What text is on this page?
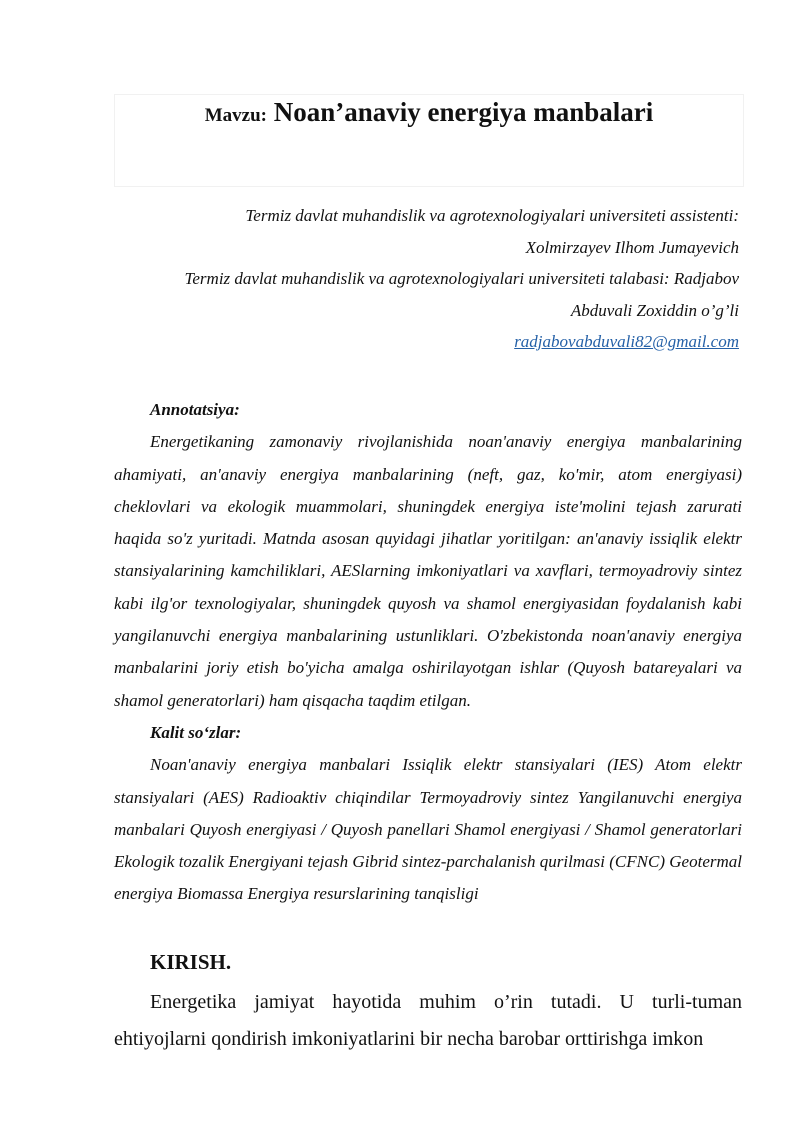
Mavzu: Noan’anaviy energiya manbalari

Termiz davlat muhandislik va agrotexnologiyalari universiteti assistenti:

Xolmirzayev Ilhom Jumayevich

Termiz davlat muhandislik va agrotexnologiyalari universiteti talabasi: Radjabov

Abduvali Zoxiddin o’g’li

radjabovabduvali82@gmail.com

Annotatsiya:

Energetikaning zamonaviy rivojlanishida noan'anaviy energiya manbalarining ahamiyati, an'anaviy energiya manbalarining (neft, gaz, ko'mir, atom energiyasi) cheklovlari va ekologik muammolari, shuningdek energiya iste'molini tejash zarurati haqida so'z yuritadi. Matnda asosan quyidagi jihatlar yoritilgan: an'anaviy issiqlik elektr stansiyalarining kamchiliklari, AESlarning imkoniyatlari va xavflari, termoyadroviy sintez kabi ilg'or texnologiyalar, shuningdek quyosh va shamol energiyasidan foydalanish kabi yangilanuvchi energiya manbalarining ustunliklari. O'zbekistonda noan'anaviy energiya manbalarini joriy etish bo'yicha amalga oshirilayotgan ishlar (Quyosh batareyalari va shamol generatorlari) ham qisqacha taqdim etilgan.

Kalit so‘zlar:

Noan'anaviy energiya manbalari Issiqlik elektr stansiyalari (IES) Atom elektr stansiyalari (AES) Radioaktiv chiqindilar Termoyadroviy sintez Yangilanuvchi energiya manbalari Quyosh energiyasi / Quyosh panellari Shamol energiyasi / Shamol generatorlari Ekologik tozalik Energiyani tejash Gibrid sintez-parchalanish qurilmasi (CFNC) Geotermal energiya Biomassa Energiya resurslarining tanqisligi

KIRISH.

Energetika jamiyat hayotida muhim o’rin tutadi. U turli-tuman ehtiyojlarni qondirish imkoniyatlarini bir necha barobar orttirishga imkon
